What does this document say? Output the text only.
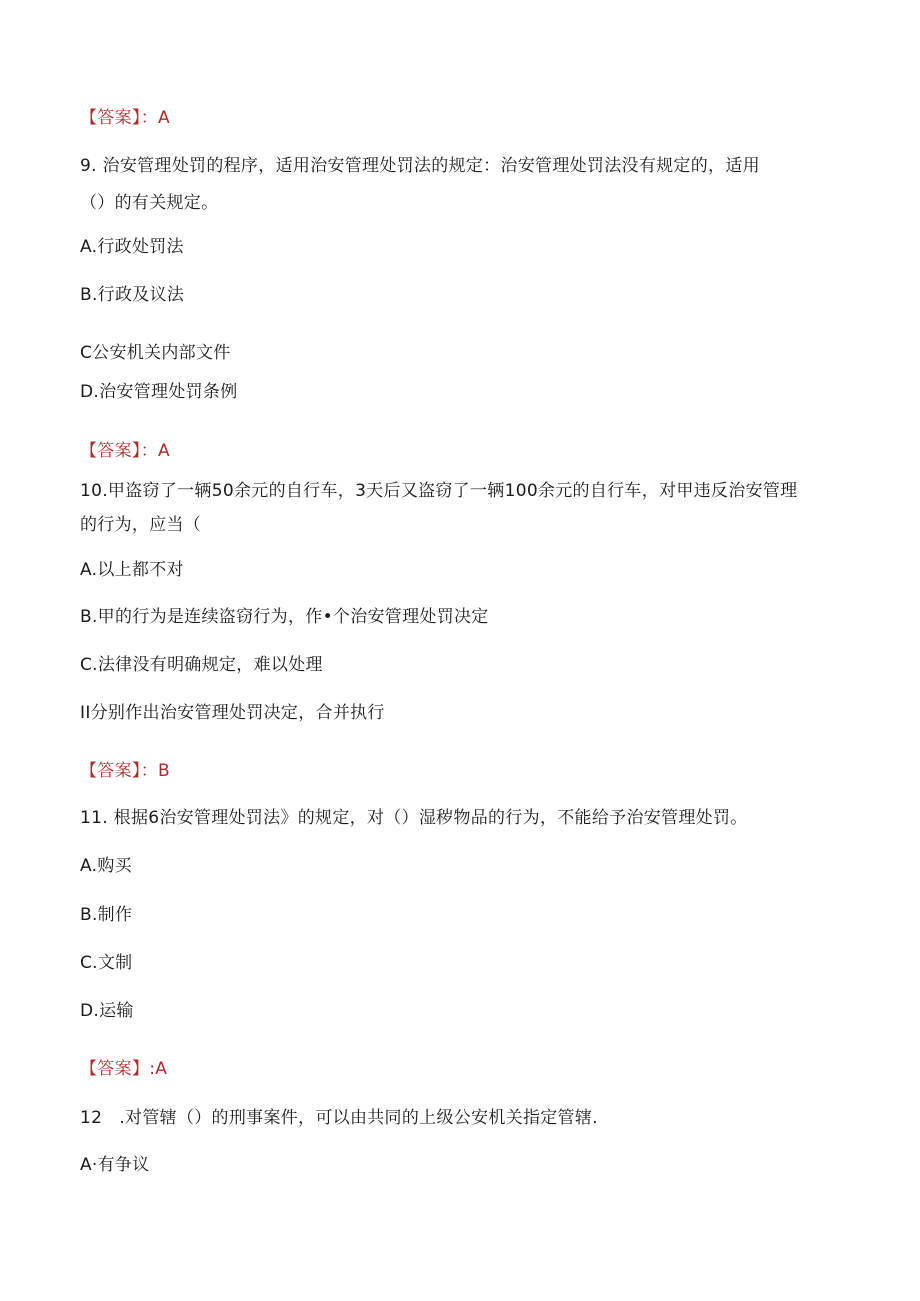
【答案】：A
9. 治安管理处罚的程序，适用治安管理处罚法的规定：治安管理处罚法没有规定的，适用
（）的有关规定。
A.行政处罚法
B.行政及议法
C公安机关内部文件
D.治安管理处罚条例
【答案】：A
10.甲盗窃了一辆50余元的自行车，3天后又盗窃了一辆100余元的自行车，对甲违反治安管理
的行为，应当（
A.以上都不对
B.甲的行为是连续盗窃行为，作•个治安管理处罚决定
C.法律没有明确规定，难以处理
II分别作出治安管理处罚决定，合并执行
【答案】：B
11. 根据6治安管理处罚法》的规定，对（）湿秽物品的行为，不能给予治安管理处罚。
A.购买
B.制作
C.文制
D.运输
【答案】:A
12   .对管辖（）的刑事案件，可以由共同的上级公安机关指定管辖.
A·有争议
